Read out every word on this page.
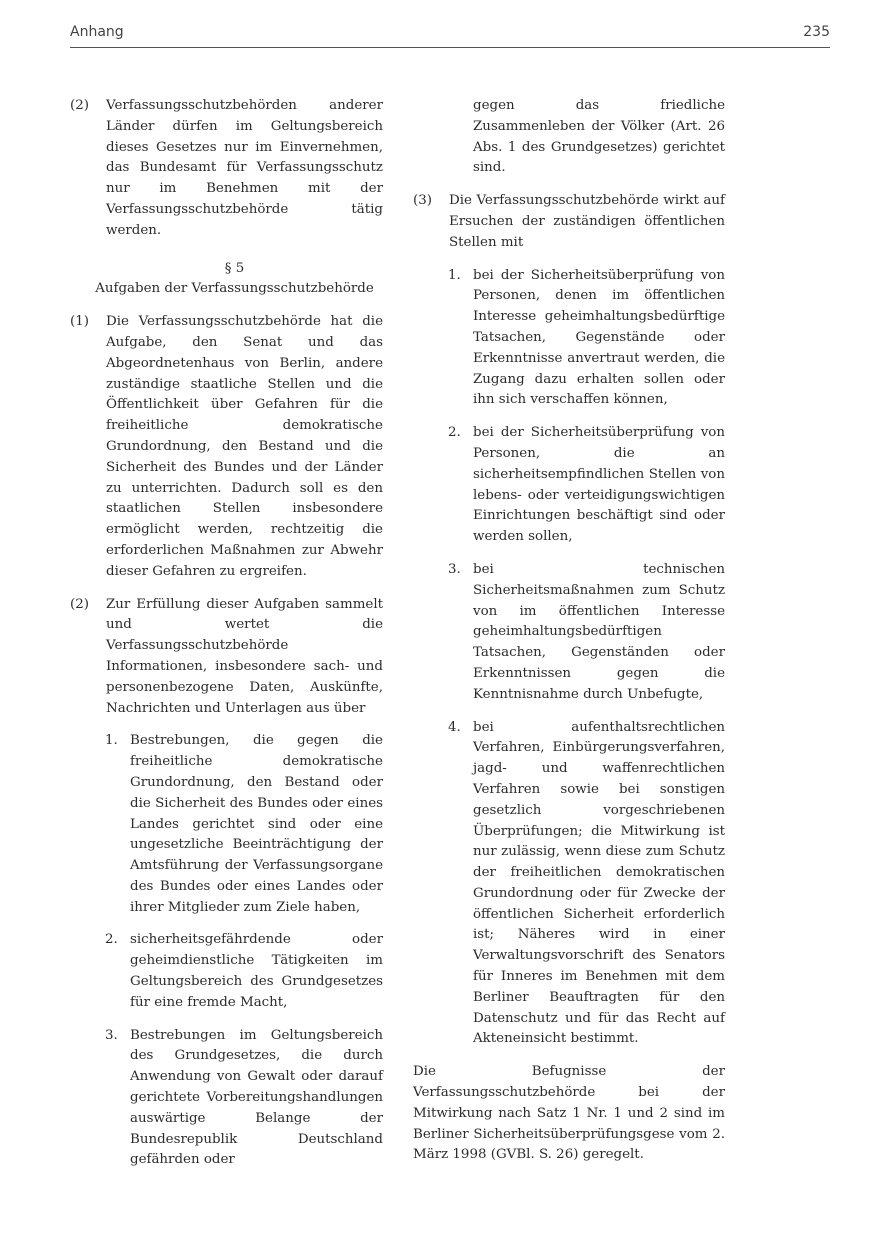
Anhang	235
(2) Verfassungsschutzbehörden anderer Länder dürfen im Geltungsbereich dieses Gesetzes nur im Einvernehmen, das Bundesamt für Verfassungsschutz nur im Benehmen mit der Verfassungsschutzbehörde tätig werden.

§ 5

Aufgaben der Verfassungsschutzbehörde

(1) Die Verfassungsschutzbehörde hat die Aufgabe, den Senat und das Abgeordnetenhaus von Berlin, andere zuständige staatliche Stellen und die Öffentlichkeit über Gefahren für die freiheitliche demokratische Grundordnung, den Bestand und die Sicherheit des Bundes und der Länder zu unterrichten. Dadurch soll es den staatlichen Stellen insbesondere ermöglicht werden, rechtzeitig die erforderlichen Maßnahmen zur Abwehr dieser Gefahren zu ergreifen.

(2) Zur Erfüllung dieser Aufgaben sammelt und wertet die Verfassungsschutzbehörde Informationen, insbesondere sach- und personenbezogene Daten, Auskünfte, Nachrichten und Unterlagen aus über

1. Bestrebungen, die gegen die freiheitliche demokratische Grundordnung, den Bestand oder die Sicherheit des Bundes oder eines Landes gerichtet sind oder eine ungesetzliche Beeinträchtigung der Amtsführung der Verfassungsorgane des Bundes oder eines Landes oder ihrer Mitglieder zum Ziele haben,

2. sicherheitsgefährdende oder geheimdienstliche Tätigkeiten im Geltungsbereich des Grundgesetzes für eine fremde Macht,

3. Bestrebungen im Geltungsbereich des Grundgesetzes, die durch Anwendung von Gewalt oder darauf gerichtete Vorbereitungshandlungen auswärtige Belange der Bundesrepublik Deutschland gefährden oder

gegen das friedliche Zusammenleben der Völker (Art. 26 Abs. 1 des Grundgesetzes) gerichtet sind.

(3) Die Verfassungsschutzbehörde wirkt auf Ersuchen der zuständigen öffentlichen Stellen mit

1. bei der Sicherheitsüberprüfung von Personen, denen im öffentlichen Interesse geheimhaltungsbedürftige Tatsachen, Gegenstände oder Erkenntnisse anvertraut werden, die Zugang dazu erhalten sollen oder ihn sich verschaffen können,

2. bei der Sicherheitsüberprüfung von Personen, die an sicherheitsempfindlichen Stellen von lebens- oder verteidigungswichtigen Einrichtungen beschäftigt sind oder werden sollen,

3. bei technischen Sicherheitsmaßnahmen zum Schutz von im öffentlichen Interesse geheimhaltungsbedürftigen Tatsachen, Gegenständen oder Erkenntnissen gegen die Kenntnisnahme durch Unbefugte,

4. bei aufenthaltsrechtlichen Verfahren, Einbürgerungsverfahren, jagd- und waffenrechtlichen Verfahren sowie bei sonstigen gesetzlich vorgeschriebenen Überprüfungen; die Mitwirkung ist nur zulässig, wenn diese zum Schutz der freiheitlichen demokratischen Grundordnung oder für Zwecke der öffentlichen Sicherheit erforderlich ist; Näheres wird in einer Verwaltungsvorschrift des Senators für Inneres im Benehmen mit dem Berliner Beauftragten für den Datenschutz und für das Recht auf Akteneinsicht bestimmt.

Die Befugnisse der Verfassungsschutzbehörde bei der Mitwirkung nach Satz 1 Nr. 1 und 2 sind im Berliner Sicherheitsüberprüfungsgese vom 2. März 1998 (GVBl. S. 26) geregelt.
